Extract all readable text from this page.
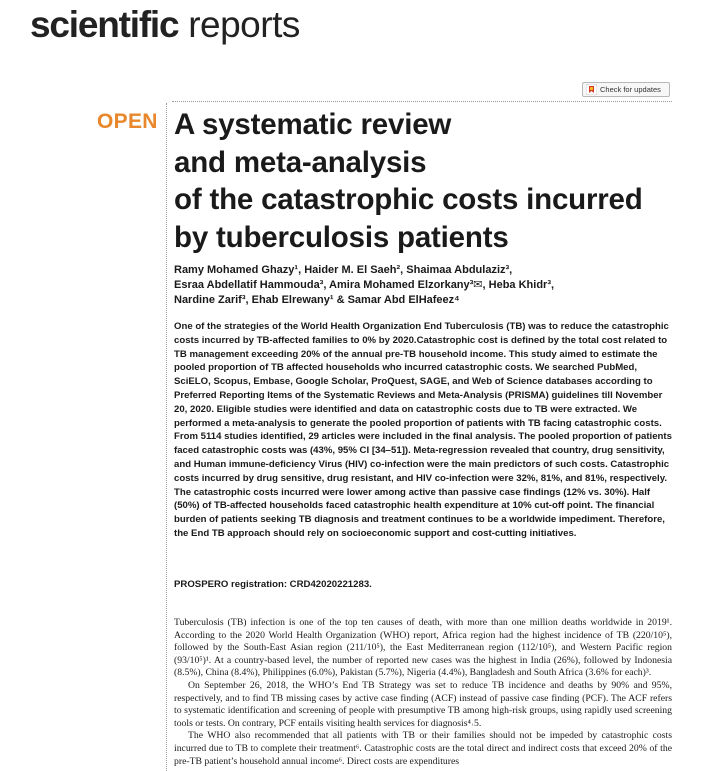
scientific reports
Check for updates
OPEN A systematic review
and meta-analysis
of the catastrophic costs incurred
by tuberculosis patients
Ramy Mohamed Ghazy¹, Haider M. El Saeh², Shaimaa Abdulaziz³,
Esraa Abdellatif Hammouda³, Amira Mohamed Elzorkany³✉, Heba Khidr³,
Nardine Zarif³, Ehab Elrewany¹ & Samar Abd ElHafeez⁴
One of the strategies of the World Health Organization End Tuberculosis (TB) was to reduce the catastrophic costs incurred by TB-affected families to 0% by 2020.Catastrophic cost is defined by the total cost related to TB management exceeding 20% of the annual pre-TB household income. This study aimed to estimate the pooled proportion of TB affected households who incurred catastrophic costs. We searched PubMed, SciELO, Scopus, Embase, Google Scholar, ProQuest, SAGE, and Web of Science databases according to Preferred Reporting Items of the Systematic Reviews and Meta-Analysis (PRISMA) guidelines till November 20, 2020. Eligible studies were identified and data on catastrophic costs due to TB were extracted. We performed a meta-analysis to generate the pooled proportion of patients with TB facing catastrophic costs. From 5114 studies identified, 29 articles were included in the final analysis. The pooled proportion of patients faced catastrophic costs was (43%, 95% CI [34–51]). Meta-regression revealed that country, drug sensitivity, and Human immune-deficiency Virus (HIV) co-infection were the main predictors of such costs. Catastrophic costs incurred by drug sensitive, drug resistant, and HIV co-infection were 32%, 81%, and 81%, respectively. The catastrophic costs incurred were lower among active than passive case findings (12% vs. 30%). Half (50%) of TB-affected households faced catastrophic health expenditure at 10% cut-off point. The financial burden of patients seeking TB diagnosis and treatment continues to be a worldwide impediment. Therefore, the End TB approach should rely on socioeconomic support and cost-cutting initiatives.
PROSPERO registration: CRD42020221283.

Tuberculosis (TB) infection is one of the top ten causes of death, with more than one million deaths worldwide in 2019¹. According to the 2020 World Health Organization (WHO) report, Africa region had the highest incidence of TB (220/10⁵), followed by the South-East Asian region (211/10⁵), the East Mediterranean region (112/10⁵), and Western Pacific region (93/10⁵)¹. At a country-based level, the number of reported new cases was the highest in India (26%), followed by Indonesia (8.5%), China (8.4%), Philippines (6.0%), Pakistan (5.7%), Nigeria (4.4%), Bangladesh and South Africa (3.6% for each)³.

On September 26, 2018, the WHO’s End TB Strategy was set to reduce TB incidence and deaths by 90% and 95%, respectively, and to find TB missing cases by active case finding (ACF) instead of passive case finding (PCF). The ACF refers to systematic identification and screening of people with presumptive TB among high-risk groups, using rapidly used screening tools or tests. On contrary, PCF entails visiting health services for diagnosis⁴˒5.

The WHO also recommended that all patients with TB or their families should not be impeded by catastrophic costs incurred due to TB to complete their treatment⁶. Catastrophic costs are the total direct and indirect costs that exceed 20% of the pre-TB patient’s household annual income⁶. Direct costs are expenditures
